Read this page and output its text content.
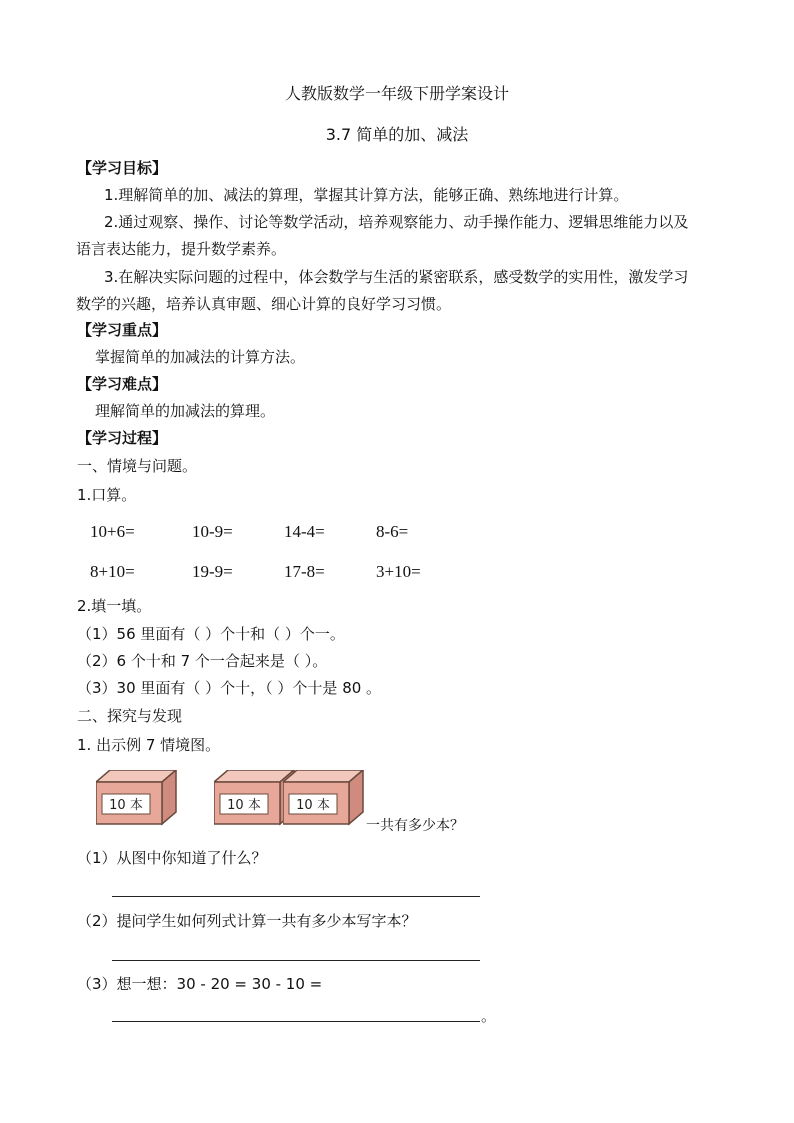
人教版数学一年级下册学案设计
3.7 简单的加、减法
【学习目标】
1.理解简单的加、减法的算理，掌握其计算方法，能够正确、熟练地进行计算。
2.通过观察、操作、讨论等数学活动，培养观察能力、动手操作能力、逻辑思维能力以及
语言表达能力，提升数学素养。
3.在解决实际问题的过程中，体会数学与生活的紧密联系，感受数学的实用性，激发学习
数学的兴趣，培养认真审题、细心计算的良好学习习惯。
【学习重点】
掌握简单的加减法的计算方法。
【学习难点】
理解简单的加减法的算理。
【学习过程】
一、情境与问题。
1.口算。
10+6=	10-9=	14-4=	8-6=
8+10=	19-9=	17-8=	3+10=
2.填一填。
（1）56 里面有（ ）个十和（ ）个一。
（2）6 个十和 7 个一合起来是（ ）。
（3）30 里面有（ ）个十，（ ）个十是 80 。
二、探究与发现
1. 出示例 7 情境图。
10 本	10 本	10 本
一共有多少本？
（1）从图中你知道了什么？
（2）提问学生如何列式计算一共有多少本写字本？
（3）想一想：30 - 20 = 30 - 10 =
。
